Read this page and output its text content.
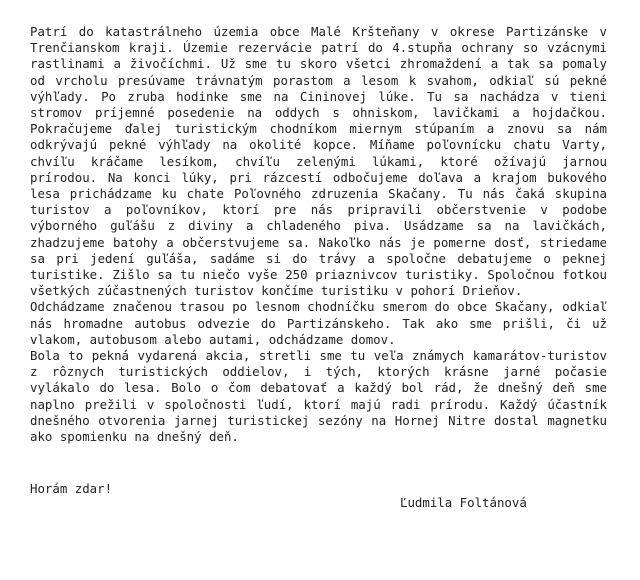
Patrí do katastrálneho územia obce Malé Kršteňany v okrese Partizánske v Trenčianskom kraji. Územie rezervácie patrí do 4.stupňa ochrany so vzácnymi rastlinami a živočíchmi. Už sme tu skoro všetci zhromaždení a tak sa pomaly od vrcholu presúvame trávnatým porastom a lesom k svahom, odkiaľ sú pekné výhľady. Po zruba hodinke sme na Cininovej lúke. Tu sa nachádza v tieni stromov príjemné posedenie na oddych s ohniskom, lavičkami a hojdačkou. Pokračujeme ďalej turistickým chodníkom miernym stúpaním a znovu sa nám odkrývajú pekné výhľady na okolité kopce. Míňame poľovnícku chatu Varty, chvíľu kráčame lesíkom, chvíľu zelenými lúkami, ktoré ožívajú jarnou prírodou. Na konci lúky, pri rázcestí odbočujeme doľava a krajom bukového lesa prichádzame ku chate Poľovného zdruzenia Skačany. Tu nás čaká skupina turistov a poľovníkov, ktorí pre nás pripravili občerstvenie v podobe výborného guľášu z diviny a chladeného piva. Usádzame sa na lavičkách, zhadzujeme batohy a občerstvujeme sa. Nakoľko nás je pomerne dosť, striedame sa pri jedení guľáša, sadáme si do trávy a spoločne debatujeme o peknej turistike. Zišlo sa tu niečo vyše 250 priaznivcov turistiky. Spoločnou fotkou všetkých zúčastnených turistov končíme turistiku v pohorí Drieňov.

Odchádzame značenou trasou po lesnom chodníčku smerom do obce Skačany, odkiaľ nás hromadne autobus odvezie do Partizánskeho. Tak ako sme prišli, či už vlakom, autobusom alebo autami, odchádzame domov.

Bola to pekná vydarená akcia, stretli sme tu veľa známych kamarátov-turistov z rôznych turistických oddielov, i tých, ktorých krásne jarné počasie vylákalo do lesa. Bolo o čom debatovať a každý bol rád, že dnešný deň sme naplno prežili v spoločnosti ľudí, ktorí majú radi prírodu. Každý účastník dnešného otvorenia jarnej turistickej sezóny na Hornej Nitre dostal magnetku ako spomienku na dnešný deň.

Horám zdar!
Ľudmila Foltánová
